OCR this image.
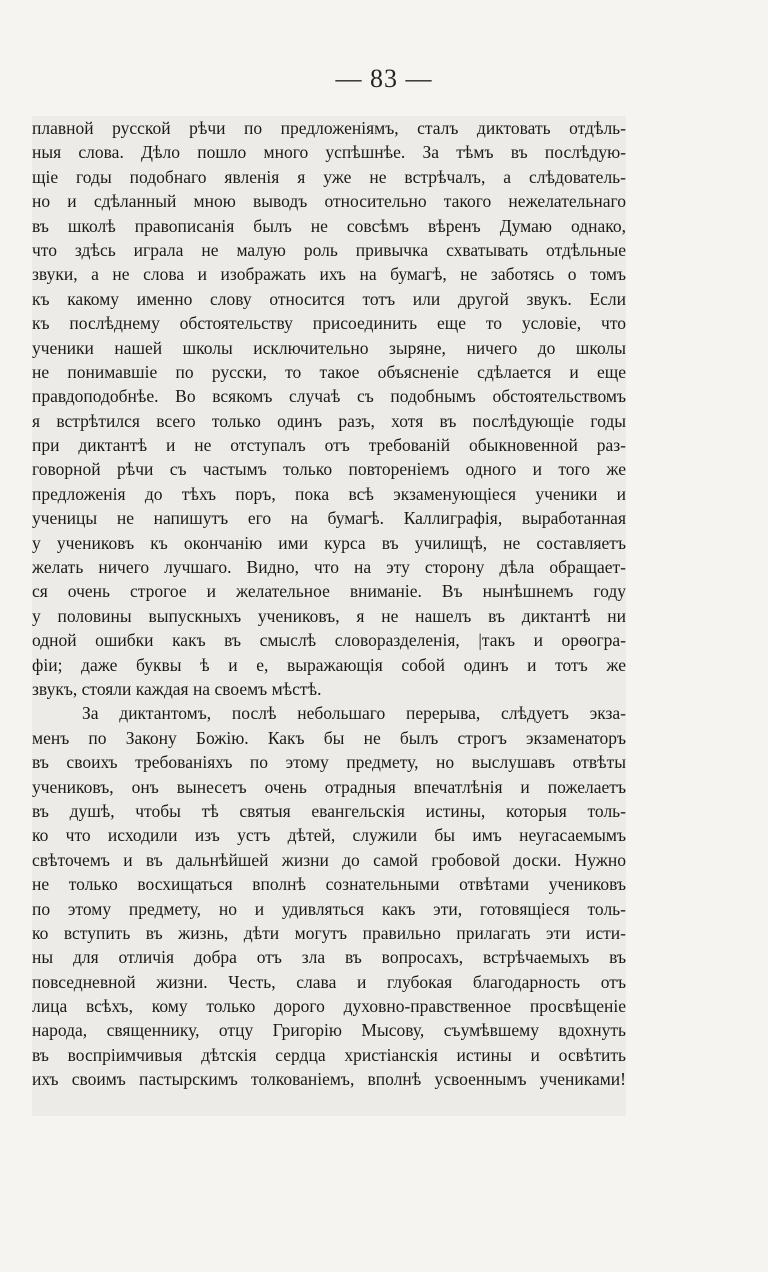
— 83 —
плавной русской рѣчи по предложеніямъ, сталъ диктовать отдѣль-
ныя слова. Дѣло пошло много успѣшнѣе. За тѣмъ въ послѣдую-
щіе годы подобнаго явленія я уже не встрѣчалъ, а слѣдователь-
но и сдѣланный мною выводъ относительно такого нежелательнаго
въ школѣ правописанія былъ не совсѣмъ вѣренъ Думаю однако,
что здѣсь играла не малую роль привычка схватывать отдѣльные
звуки, а не слова и изображать ихъ на бумагѣ, не заботясь о томъ
къ какому именно слову относится тотъ или другой звукъ. Если
къ послѣднему обстоятельству присоединить еще то условіе, что
ученики нашей школы исключительно зыряне, ничего до школы
не понимавшіе по русски, то такое объясненіе сдѣлается и еще
правдоподобнѣе. Во всякомъ случаѣ съ подобнымъ обстоятельствомъ
я встрѣтился всего только одинъ разъ, хотя въ послѣдующіе годы
при диктантѣ и не отступалъ отъ требованій обыкновенной раз-
говорной рѣчи съ частымъ только повтореніемъ одного и того же
предложенія до тѣхъ поръ, пока всѣ экзаменующіеся ученики и
ученицы не напишутъ его на бумагѣ. Каллиграфія, выработанная
у учениковъ къ окончанію ими курса въ училищѣ, не составляетъ
желать ничего лучшаго. Видно, что на эту сторону дѣла обращает-
ся очень строгое и желательное вниманіе. Въ нынѣшнемъ году
у половины выпускныхъ учениковъ, я не нашелъ въ диктантѣ ни
одной ошибки какъ въ смыслѣ словоразделенія, |такъ и орѳогра-
фіи; даже буквы ѣ и е, выражающія собой одинъ и тотъ же
звукъ, стояли каждая на своемъ мѣстѣ.
За диктантомъ, послѣ небольшаго перерыва, слѣдуетъ экза-
менъ по Закону Божію. Какъ бы не былъ строгъ экзаменаторъ
въ своихъ требованіяхъ по этому предмету, но выслушавъ отвѣты
учениковъ, онъ вынесетъ очень отрадныя впечатлѣнія и пожелаетъ
въ душѣ, чтобы тѣ святыя евангельскія истины, которыя толь-
ко что исходили изъ устъ дѣтей, служили бы имъ неугасаемымъ
свѣточемъ и въ дальнѣйшей жизни до самой гробовой доски. Нужно
не только восхищаться вполнѣ сознательными отвѣтами учениковъ
по этому предмету, но и удивляться какъ эти, готовящіеся толь-
ко вступить въ жизнь, дѣти могутъ правильно прилагать эти исти-
ны для отличія добра отъ зла въ вопросахъ, встрѣчаемыхъ въ
повседневной жизни. Честь, слава и глубокая благодарность отъ
лица всѣхъ, кому только дорого духовно-правственное просвѣщеніе
народа, священнику, отцу Григорію Мысову, съумѣвшему вдохнуть
въ воспріимчивыя дѣтскія сердца христіанскія истины и освѣтить
ихъ своимъ пастырскимъ толкованіемъ, вполнѣ усвоеннымъ учениками!
